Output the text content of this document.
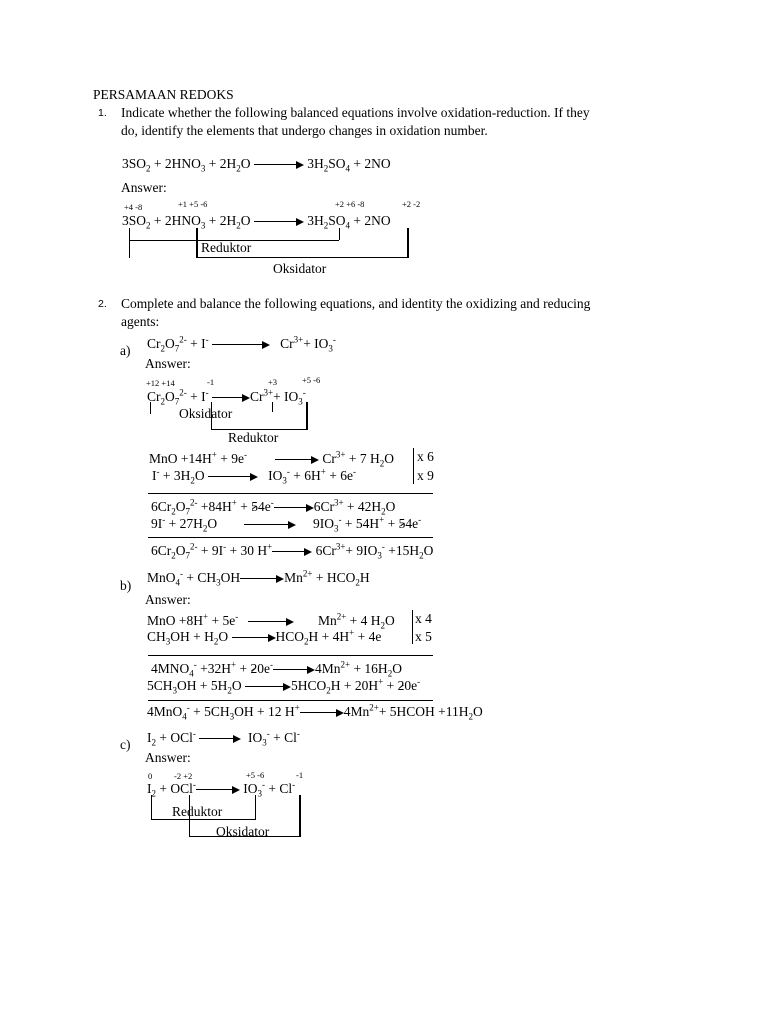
PERSAMAAN REDOKS
1. Indicate whether the following balanced equations involve oxidation-reduction. If they
do, identify the elements that undergo changes in oxidation number.
$3SO_2 + 2HNO_3 + 2H_2O$	$3H_2SO_4 + 2NO$
Answer:
+4 -8	+1 +5 -6	+2 +6 -8	+2 -2
$3SO_2 + 2HNO_3 + 2H_2O$	$3H_2SO_4 + 2NO$
Reduktor
Oksidator
2. Complete and balance the following equations, and identity the oxidizing and reducing
agents:
a) $Cr_2O_7^{2-} + I^-$	$Cr^{3+}+ IO_3^-$
Answer:
+12 +14	-1	+3	+5 -6
$Cr_2O_7^{2-} + I^-$	$Cr^{3+}+ IO_3^-$
Oksidator
Reduktor
MnO +14H+ + 9e-	$Cr^{3+} + 7$ $H_2O$ x 6
$I^- + 3H_2O$	$IO_3^- + 6H^+ + 6e^-$	x 9
$6Cr_2O_7^{2-} +84H^+ + 54e^-$	$6Cr^{3+} + 42H_2O$
$9I^- + 27H_2O$	$9IO_3^- + 54H^+ + 54e^-$
$6Cr_2O_7^{2-} + 9I^- + 30$ H+	$6Cr^{3+}+ 9IO_3^- +15H_2O$
b)
$MnO_4^- + CH_3OH$	$Mn^{2+} + HCO_2H$
Answer:
MnO +8H+ + 5e-	$Mn^{2+} + 4$ $H_2O$ x 4
$CH_3OH + H_2O$	$HCO_2H + 4H^+ + 4e$ x 5
$4MNO_4^- +32H^+ + 20e^-$	$4Mn^{2+} + 16H_2O$
$5CH_3OH + 5H_2O$	$5HCO_2H + 20H^+ + 20e^-$
$4MnO_4^- + 5CH_3OH + 12$ H+	$4Mn^{2+}+$ 5HCOH $+11H_2O$
c) $I_2 + OCl^-$	$IO_3^- + Cl^-$
Answer:
0	-2 +2	+5 -6	-1
$I_2 + OCl^-$	$IO_3^- + Cl^-$
Reduktor
Oksidator
